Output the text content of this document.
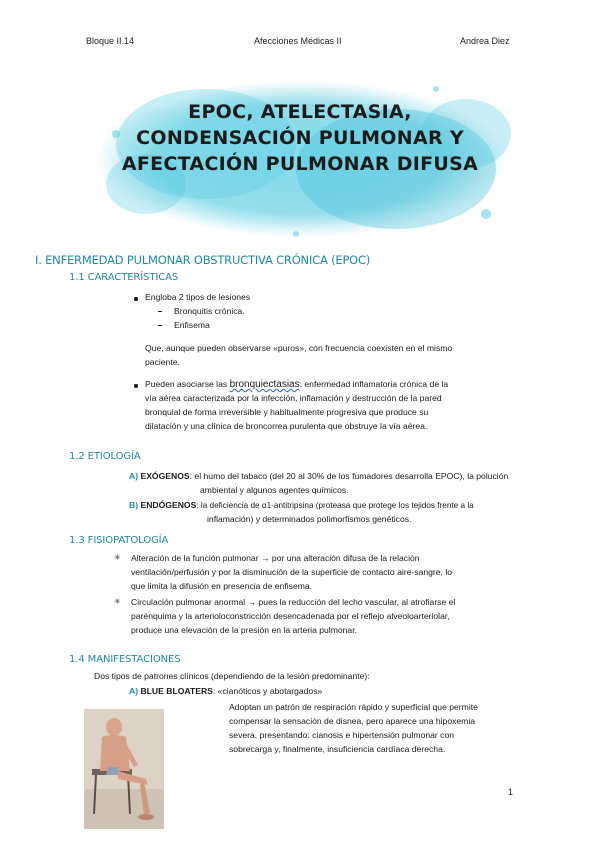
Bloque II.14	Afecciones Médicas II	Andrea Diez
EPOC, ATELECTASIA,
CONDENSACIÓN PULMONAR Y
AFECTACIÓN PULMONAR DIFUSA
I. ENFERMEDAD PULMONAR OBSTRUCTIVA CRÓNICA (EPOC)
1.1 CARACTERÍSTICAS
Engloba 2 tipos de lesiones
Bronquitis crónica.
Enfisema
Que, aunque pueden observarse «puros», con frecuencia coexisten en el mismo
paciente.
Pueden asociarse las bronquiectasias: enfermedad inflamatoria crónica de la
vía aérea caracterizada por la infección, inflamación y destrucción de la pared
bronquial de forma irreversible y habitualmente progresiva que produce su
dilatación y una clínica de broncorrea purulenta que obstruye la vía aérea.
1.2 ETIOLOGÍA
A) EXÓGENOS: el humo del tabaco (del 20 al 30% de los fumadores desarrolla EPOC), la polución
ambiental y algunos agentes químicos.
B) ENDÓGENOS: la deficiencia de α1-antitripsina (proteasa que protege los tejidos frente a la
inflamación) y determinados polimorfismos genéticos.
1.3 FISIOPATOLOGÍA
✳ Alteración de la función pulmonar → por una alteración difusa de la relación
ventilación/perfusión y por la disminución de la superficie de contacto aire-sangre, lo
que limita la difusión en presencia de enfisema.
✳ Circulación pulmonar anormal → pues la reducción del lecho vascular, al atrofiarse el
parénquima y la arterioloconstricción desencadenada por el reflejo alveoloarteriolar,
produce una elevación de la presión en la arteria pulmonar.
1.4 MANIFESTACIONES
Dos tipos de patrones clínicos (dependiendo de la lesión predominante):
A) BLUE BLOATERS: «cianóticos y abotargados»
Adoptan un patrón de respiración rápido y superficial que permite
compensar la sensación de disnea, pero aparece una hipoxemia
severa, presentando: cianosis e hipertensión pulmonar con
sobrecarga y, finalmente, insuficiencia cardíaca derecha.
1
